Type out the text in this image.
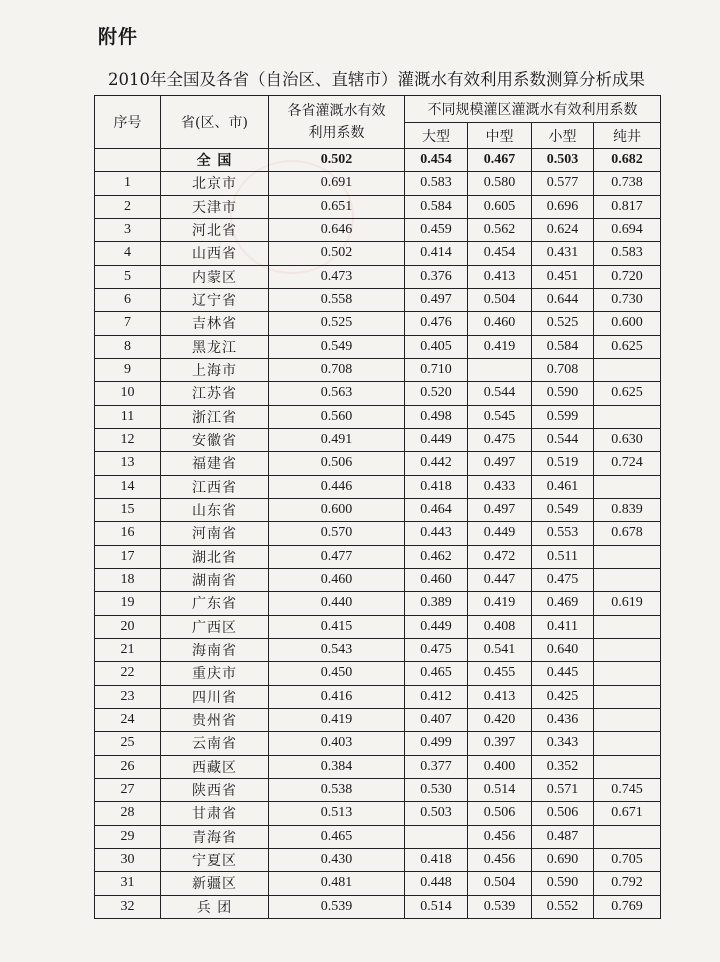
附件
2010年全国及各省（自治区、直辖市）灌溉水有效利用系数测算分析成果
序号	省(区、市)	各省灌溉水有效
利用系数	不同规模灌区灌溉水有效利用系数			
			大型	中型	小型	纯井
	全 国	0.502	0.454	0.467	0.503	0.682
1	北京市	0.691	0.583	0.580	0.577	0.738
2	天津市	0.651	0.584	0.605	0.696	0.817
3	河北省	0.646	0.459	0.562	0.624	0.694
4	山西省	0.502	0.414	0.454	0.431	0.583
5	内蒙区	0.473	0.376	0.413	0.451	0.720
6	辽宁省	0.558	0.497	0.504	0.644	0.730
7	吉林省	0.525	0.476	0.460	0.525	0.600
8	黑龙江	0.549	0.405	0.419	0.584	0.625
9	上海市	0.708	0.710		0.708	
10	江苏省	0.563	0.520	0.544	0.590	0.625
11	浙江省	0.560	0.498	0.545	0.599	
12	安徽省	0.491	0.449	0.475	0.544	0.630
13	福建省	0.506	0.442	0.497	0.519	0.724
14	江西省	0.446	0.418	0.433	0.461	
15	山东省	0.600	0.464	0.497	0.549	0.839
16	河南省	0.570	0.443	0.449	0.553	0.678
17	湖北省	0.477	0.462	0.472	0.511	
18	湖南省	0.460	0.460	0.447	0.475	
19	广东省	0.440	0.389	0.419	0.469	0.619
20	广西区	0.415	0.449	0.408	0.411	
21	海南省	0.543	0.475	0.541	0.640	
22	重庆市	0.450	0.465	0.455	0.445	
23	四川省	0.416	0.412	0.413	0.425	
24	贵州省	0.419	0.407	0.420	0.436	
25	云南省	0.403	0.499	0.397	0.343	
26	西藏区	0.384	0.377	0.400	0.352	
27	陕西省	0.538	0.530	0.514	0.571	0.745
28	甘肃省	0.513	0.503	0.506	0.506	0.671
29	青海省	0.465		0.456	0.487	
30	宁夏区	0.430	0.418	0.456	0.690	0.705
31	新疆区	0.481	0.448	0.504	0.590	0.792
32	兵 团	0.539	0.514	0.539	0.552	0.769
